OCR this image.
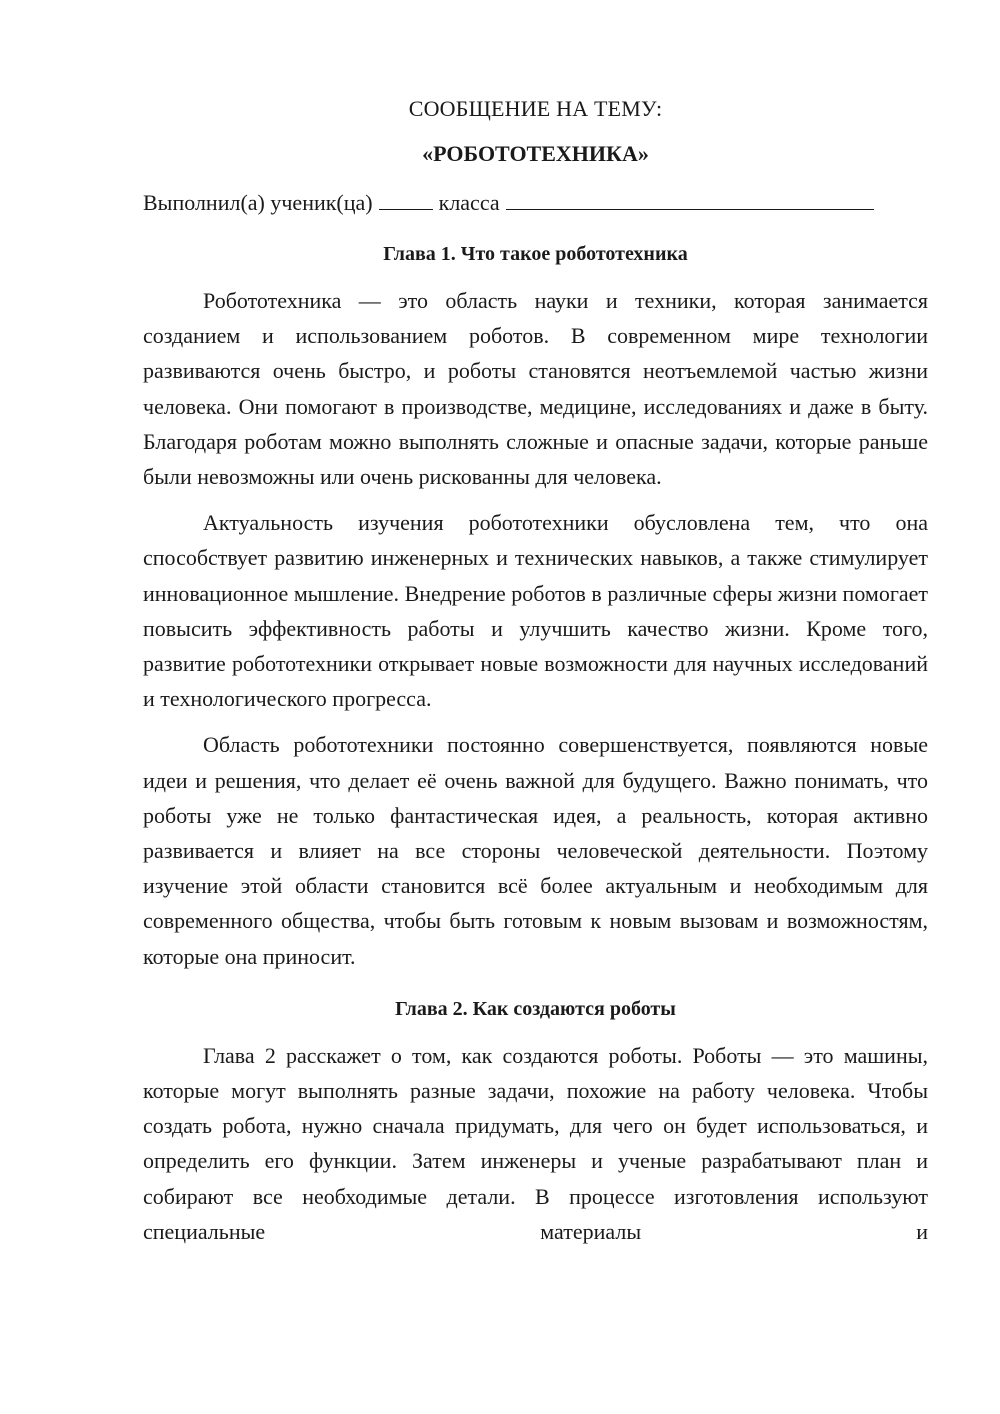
СООБЩЕНИЕ НА ТЕМУ:
«РОБОТОТЕХНИКА»

Выполнил(а) ученик(ца)	класса

Глава 1. Что такое робототехника

Робототехника — это область науки и техники, которая занимается созданием и использованием роботов. В современном мире технологии развиваются очень быстро, и роботы становятся неотъемлемой частью жизни человека. Они помогают в производстве, медицине, исследованиях и даже в быту. Благодаря роботам можно выполнять сложные и опасные задачи, которые раньше были невозможны или очень рискованны для человека.

Актуальность изучения робототехники обусловлена тем, что она способствует развитию инженерных и технических навыков, а также стимулирует инновационное мышление. Внедрение роботов в различные сферы жизни помогает повысить эффективность работы и улучшить качество жизни. Кроме того, развитие робототехники открывает новые возможности для научных исследований и технологического прогресса.

Область робототехники постоянно совершенствуется, появляются новые идеи и решения, что делает её очень важной для будущего. Важно понимать, что роботы уже не только фантастическая идея, а реальность, которая активно развивается и влияет на все стороны человеческой деятельности. Поэтому изучение этой области становится всё более актуальным и необходимым для современного общества, чтобы быть готовым к новым вызовам и возможностям, которые она приносит.

Глава 2. Как создаются роботы

Глава 2 расскажет о том, как создаются роботы. Роботы — это машины, которые могут выполнять разные задачи, похожие на работу человека. Чтобы создать робота, нужно сначала придумать, для чего он будет использоваться, и определить его функции. Затем инженеры и ученые разрабатывают план и собирают все необходимые детали. В процессе изготовления используют специальные материалы и
